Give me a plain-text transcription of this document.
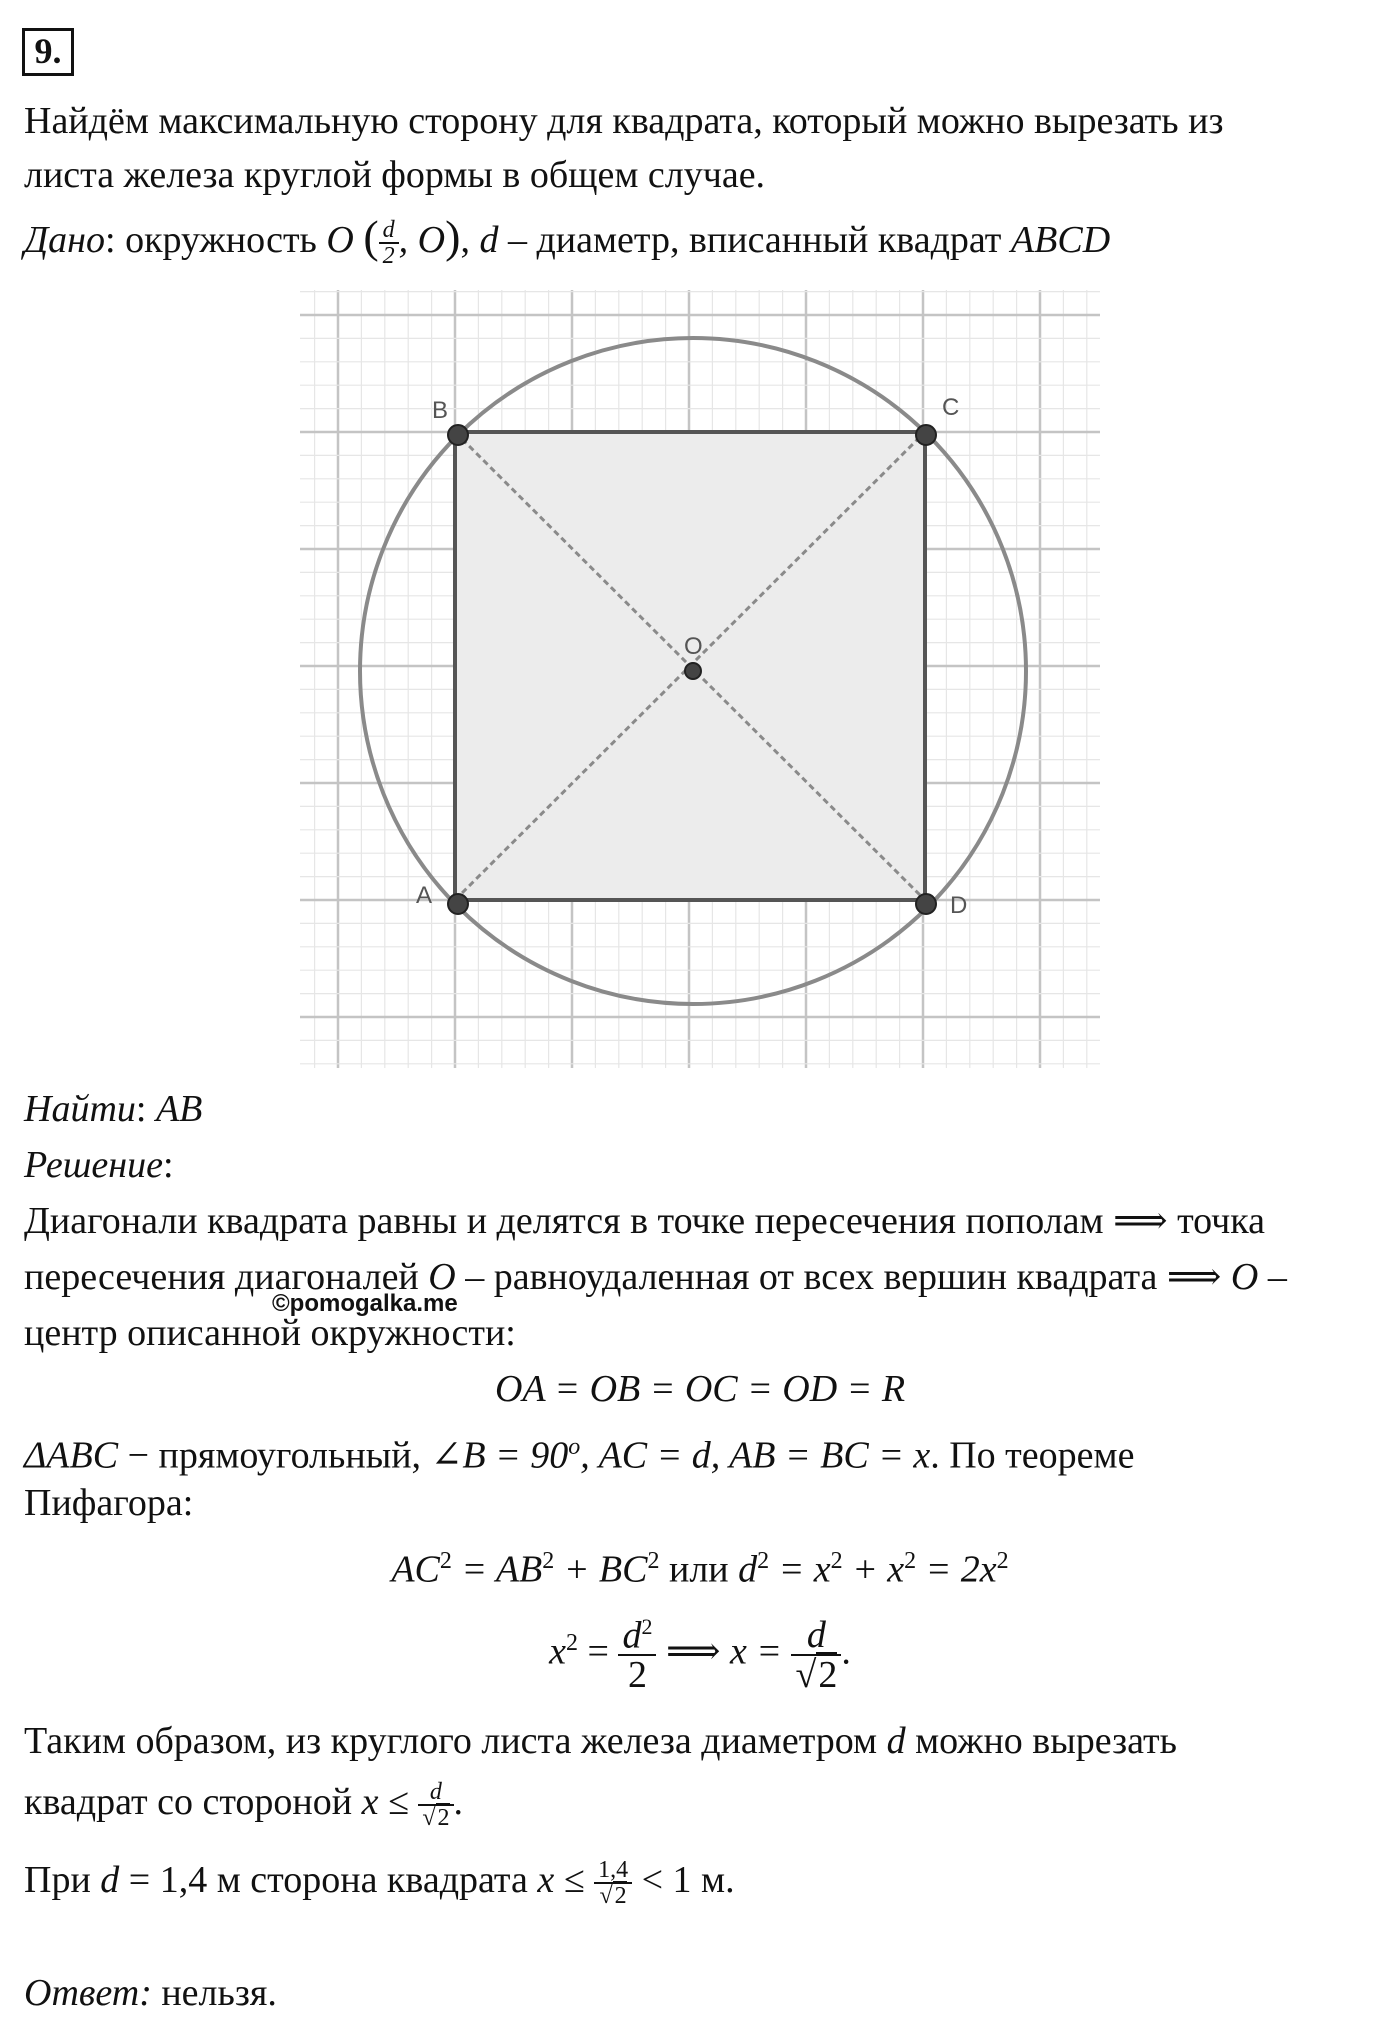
9.
Найдём максимальную сторону для квадрата, который можно вырезать из
листа железа круглой формы в общем случае.
Дано: окружность O ( $\frac{d}{2}$ , O), d – диаметр, вписанный квадрат ABCD
A
B	C
D
O
Найти: AB
Решение:
Диагонали квадрата равны и делятся в точке пересечения пополам ⟹ точка
пересечения диагоналей O – равноудаленная от всех вершин квадрата ⟹ O –
центр описанной окружности:
©pomogalka.me
OA = OB = OC = OD = R
ΔABC − прямоугольный, ∠B = $90^o$, AC = d, AB = BC = x. По теореме
Пифагора:
$AC^2 = AB^2 + BC^2$ или $d^2 = x^2 + x^2 = 2x^2$
$x^2 = \frac{d^2}{2}$ ⟹ $x = \frac{d}{√2}$ .
Таким образом, из круглого листа железа диаметром d можно вырезать
квадрат со стороной $x \le \frac{d}{√2}$ .
При d = 1,4 м сторона квадрата $x \le \frac{1,4}{√2} < 1$ м.
Ответ: нельзя.
